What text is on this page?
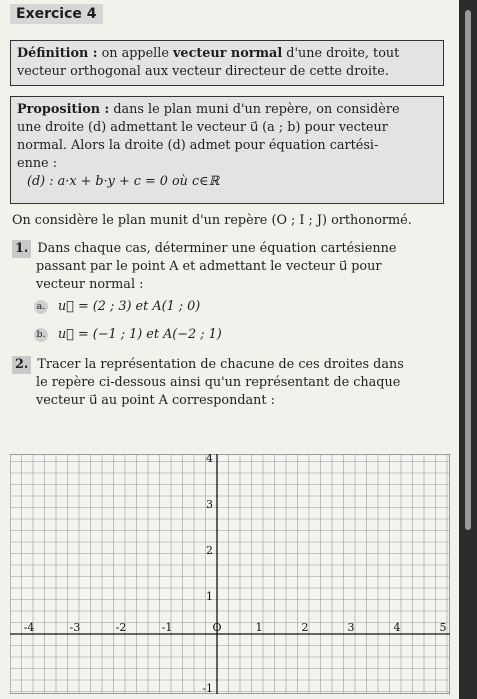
Exercice 4
Définition : on appelle vecteur normal d'une droite, tout
vecteur orthogonal aux vecteur directeur de cette droite.
Proposition : dans le plan muni d'un repère, on considère
une droite (d) admettant le vecteur u⃗ (a ; b) pour vecteur
normal. Alors la droite (d) admet pour équation cartési-
enne :
(d) : a·x + b·y + c = 0 où c∈ℝ
On considère le plan munit d'un repère (O ; I ; J) orthonormé.
1. Dans chaque cas, déterminer une équation cartésienne
passant par le point A et admettant le vecteur u⃗ pour
vecteur normal :
a. u⃗ = (2 ; 3) et A(1 ; 0)
b. u⃗ = (−1 ; 1) et A(−2 ; 1)
2. Tracer la représentation de chacune de ces droites dans
le repère ci-dessous ainsi qu'un représentant de chaque
vecteur u⃗ au point A correspondant :
-4	-3	-2	-1	O	1	2	3	4	5
4
3
2
1
-1
